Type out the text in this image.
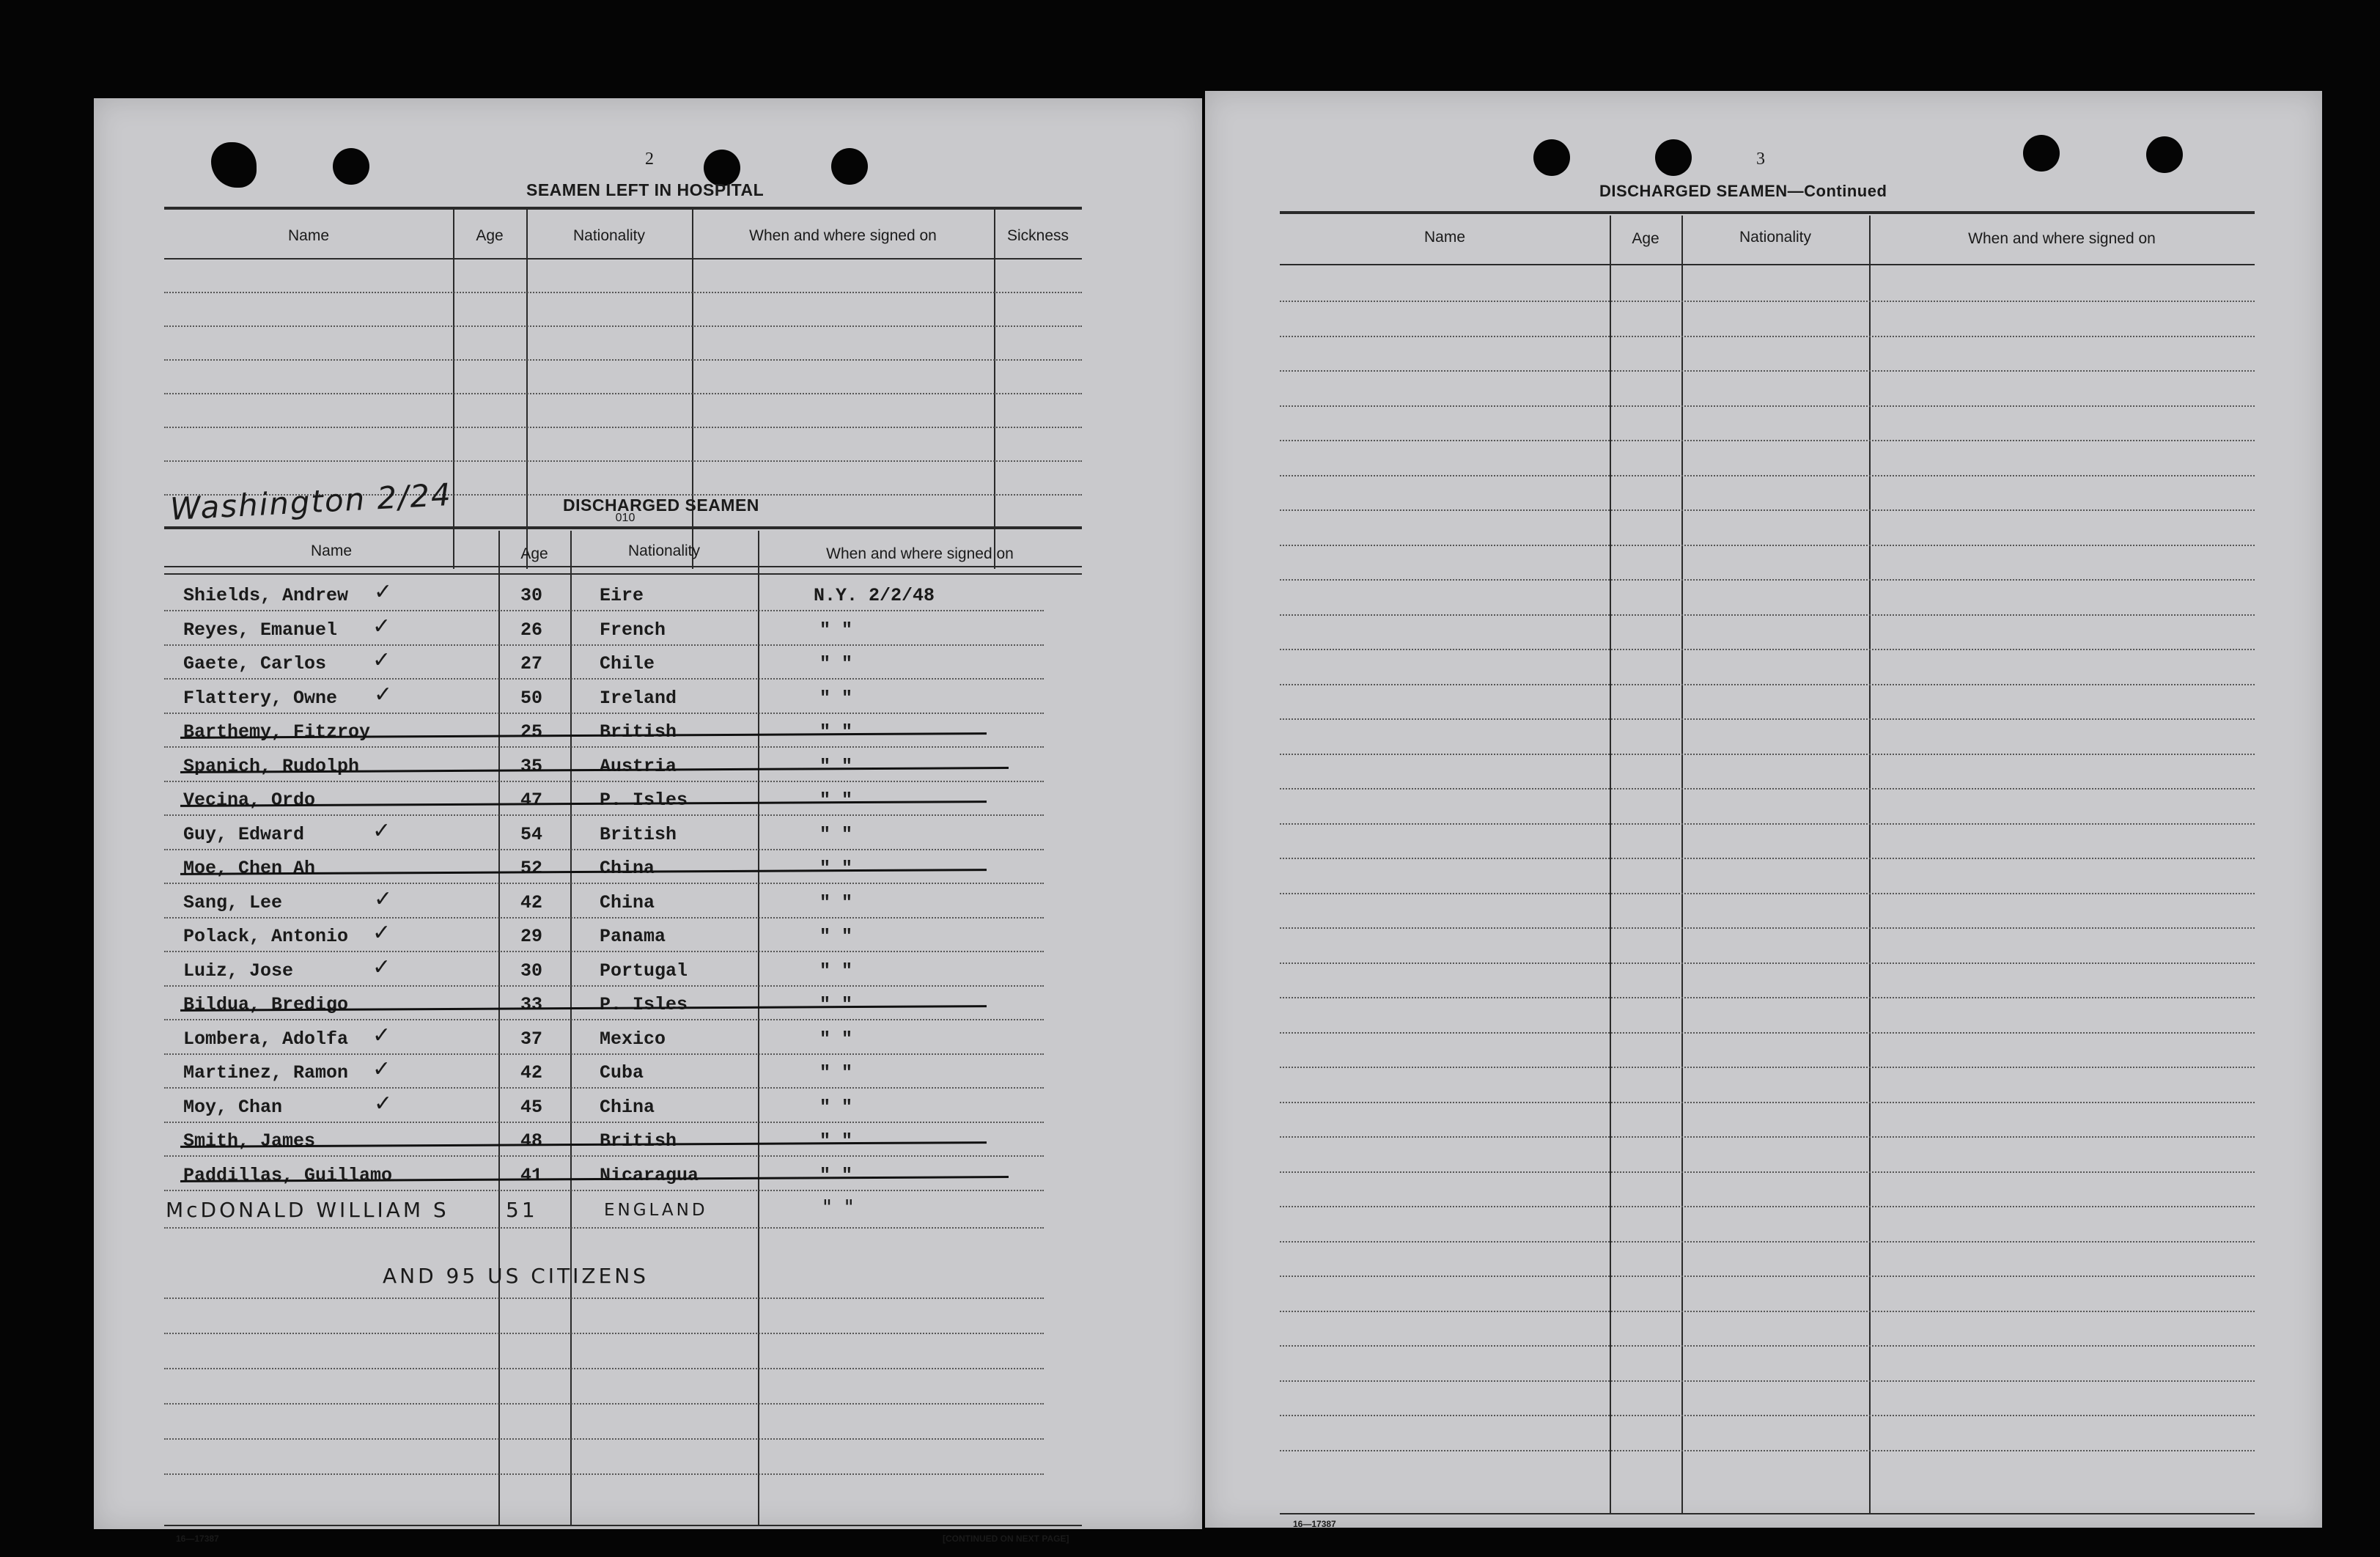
2
SEAMEN LEFT IN HOSPITAL
Name	Age	Nationality	When and where signed on	Sickness
Washington 2/24	DISCHARGED SEAMEN
010
Name	Age	Nationality	When and where signed on
Shields, Andrew	30	Eire	N.Y. 2/2/48
✓
Reyes, Emanuel	26	French	" "
✓
Gaete, Carlos	27	Chile	" "
✓
Flattery, Owne	50	Ireland	" "
✓
Barthemy, Fitzroy	25	British	" "
Spanich, Rudolph	35	Austria	" "
Vecina, Ordo	47	P. Isles	" "
Guy, Edward	54	British	" "
✓
Moe, Chen Ah	52	China	" "
Sang, Lee	42	China	" "
✓
Polack, Antonio	29	Panama	" "
✓
Luiz, Jose	30	Portugal	" "
✓
Bildua, Bredigo	33	P. Isles	" "
Lombera, Adolfa	37	Mexico	" "
✓
Martinez, Ramon	42	Cuba	" "
✓
Moy, Chan	45	China	" "
✓
Smith, James	48	British	" "
Paddillas, Guillamo	41	Nicaragua	" "
McDONALD WILLIAM S	51	ENGLAND	" "
AND 95 US CITIZENS
16—17387	[CONTINUED ON NEXT PAGE]
3
DISCHARGED SEAMEN—Continued
Name	Age	Nationality	When and where signed on
16—17387
